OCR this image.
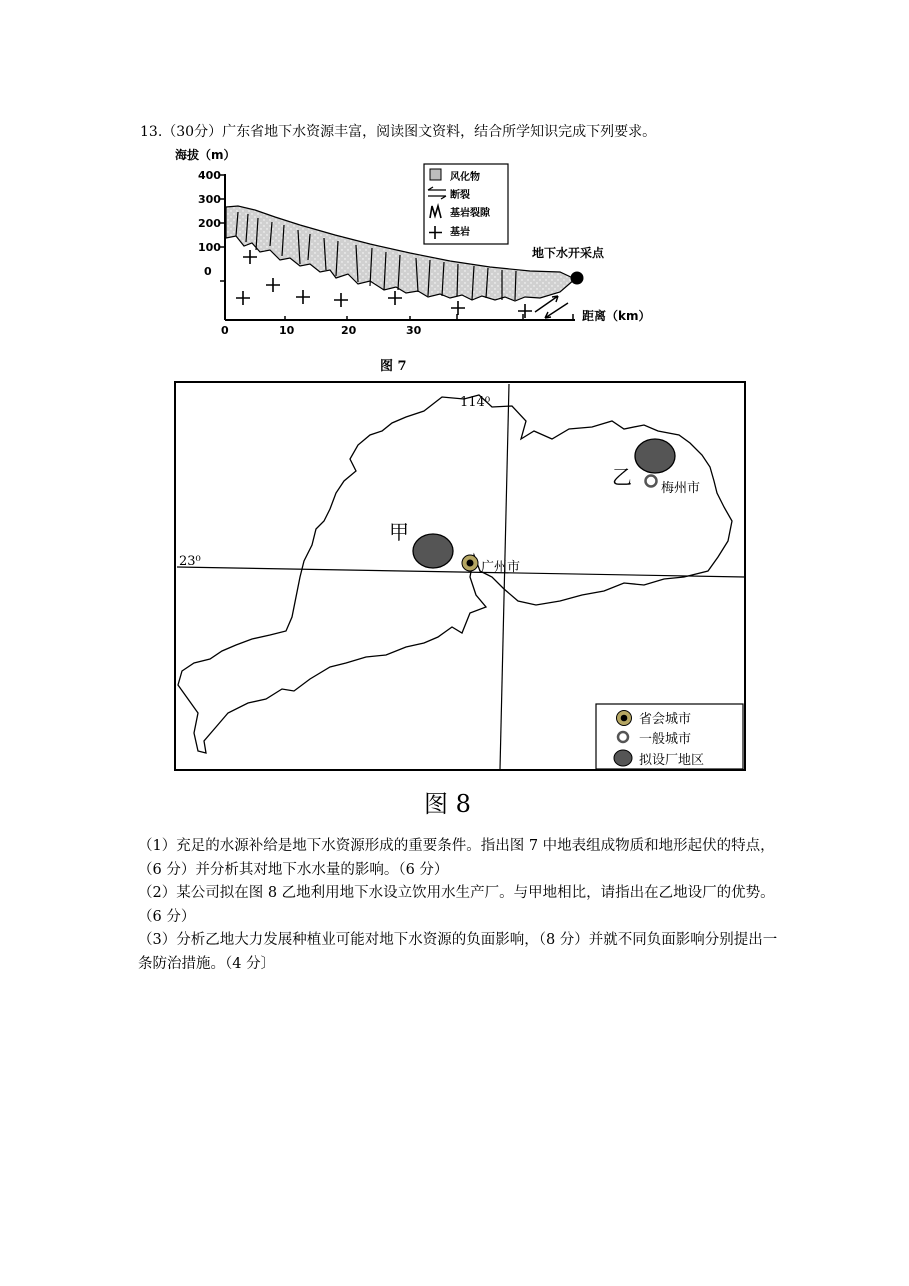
13.（30分）广东省地下水资源丰富，阅读图文资料，结合所学知识完成下列要求。
海拔（m）
400
300
200
100
0
0	10	20	30
距离（km）
地下水开采点
风化物
断裂
基岩裂隙
基岩
图 7
114⁰
23⁰
甲
广州市
乙 梅州市
省会城市
一般城市
拟设厂地区
图 8

（1）充足的水源补给是地下水资源形成的重要条件。指出图 7 中地表组成物质和地形起伏的特点，（6 分）并分析其对地下水水量的影响。（6 分）

（2）某公司拟在图 8 乙地利用地下水设立饮用水生产厂。与甲地相比，请指出在乙地设厂的优势。（6 分）

（3）分析乙地大力发展种植业可能对地下水资源的负面影响，（8 分）并就不同负面影响分别提出一条防治措施。（4 分〕
